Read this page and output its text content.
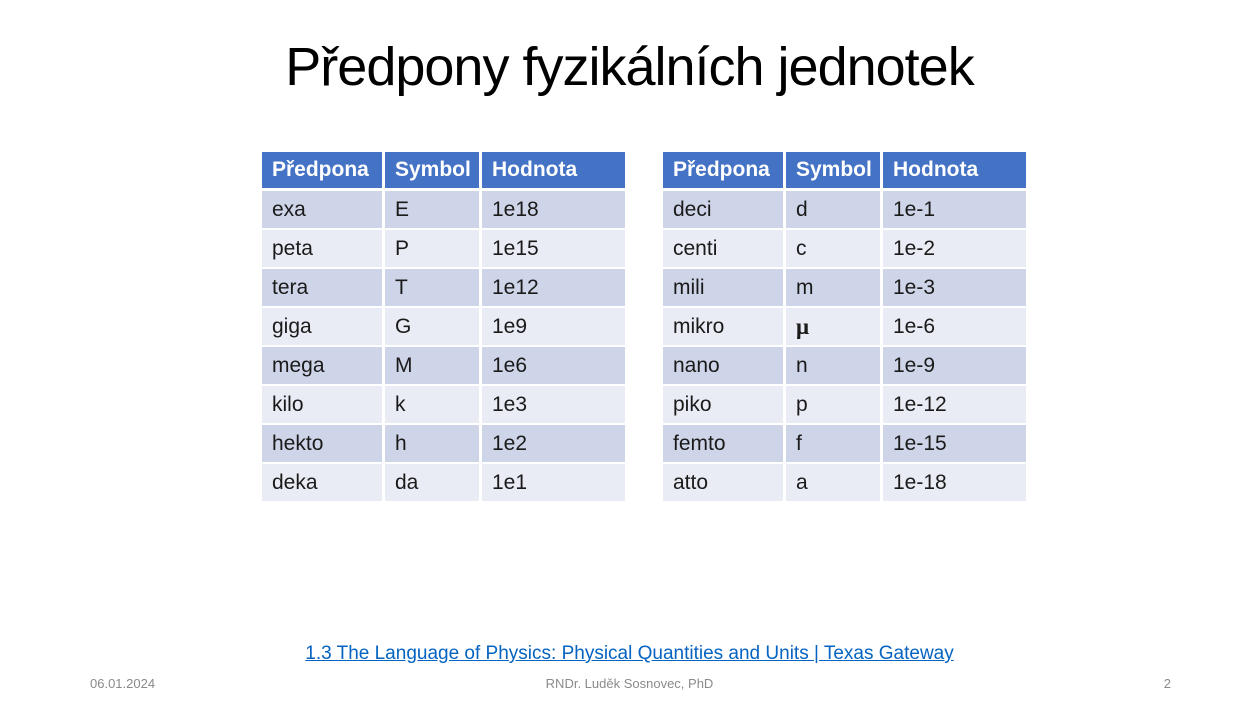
Předpony fyzikálních jednotek
Předpona	Symbol	Hodnota
exa	E	1e18
peta	P	1e15
tera	T	1e12
giga	G	1e9
mega	M	1e6
kilo	k	1e3
hekto	h	1e2
deka	da	1e1
Předpona	Symbol	Hodnota
deci	d	1e-1
centi	c	1e-2
mili	m	1e-3
mikro	μ	1e-6
nano	n	1e-9
piko	p	1e-12
femto	f	1e-15
atto	a	1e-18
1.3 The Language of Physics: Physical Quantities and Units | Texas Gateway
06.01.2024	RNDr. Luděk Sosnovec, PhD	2
